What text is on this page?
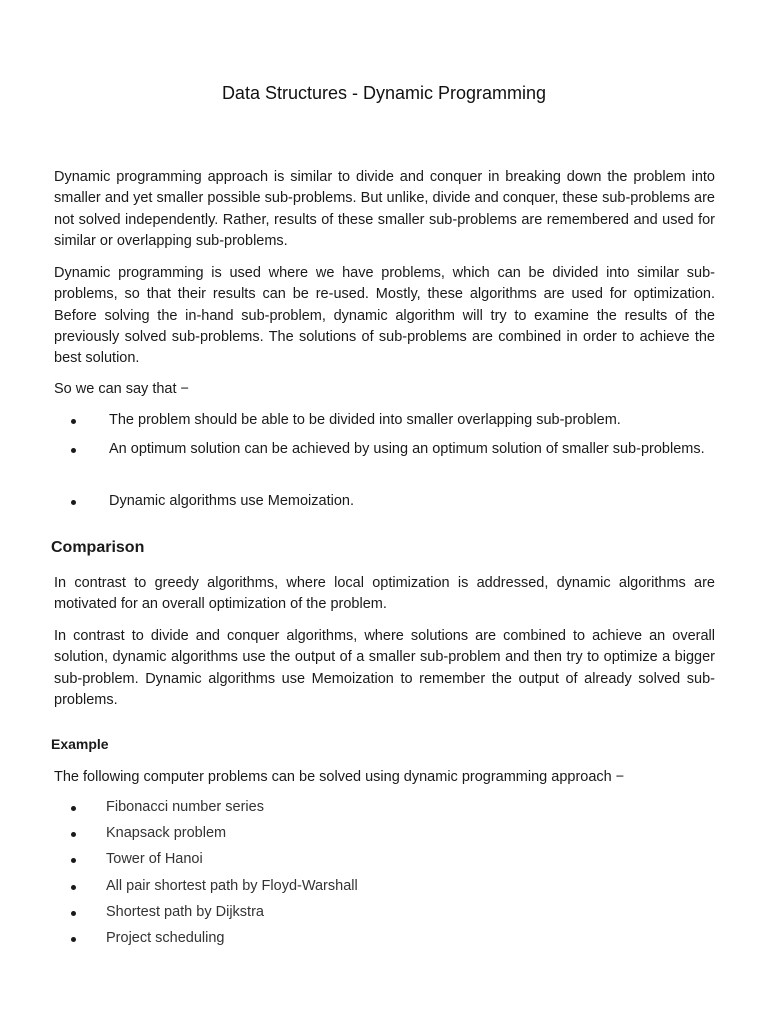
Data Structures - Dynamic Programming

Dynamic programming approach is similar to divide and conquer in breaking down the problem into smaller and yet smaller possible sub-problems. But unlike, divide and conquer, these sub-problems are not solved independently. Rather, results of these smaller sub-problems are remembered and used for similar or overlapping sub-problems.

Dynamic programming is used where we have problems, which can be divided into similar sub-problems, so that their results can be re-used. Mostly, these algorithms are used for optimization. Before solving the in-hand sub-problem, dynamic algorithm will try to examine the results of the previously solved sub-problems. The solutions of sub-problems are combined in order to achieve the best solution.

So we can say that −

The problem should be able to be divided into smaller overlapping sub-problem.
An optimum solution can be achieved by using an optimum solution of smaller sub-problems.
Dynamic algorithms use Memoization.
Comparison

In contrast to greedy algorithms, where local optimization is addressed, dynamic algorithms are motivated for an overall optimization of the problem.

In contrast to divide and conquer algorithms, where solutions are combined to achieve an overall solution, dynamic algorithms use the output of a smaller sub-problem and then try to optimize a bigger sub-problem. Dynamic algorithms use Memoization to remember the output of already solved sub-problems.

Example

The following computer problems can be solved using dynamic programming approach −

Fibonacci number series
Knapsack problem
Tower of Hanoi
All pair shortest path by Floyd-Warshall
Shortest path by Dijkstra
Project scheduling
